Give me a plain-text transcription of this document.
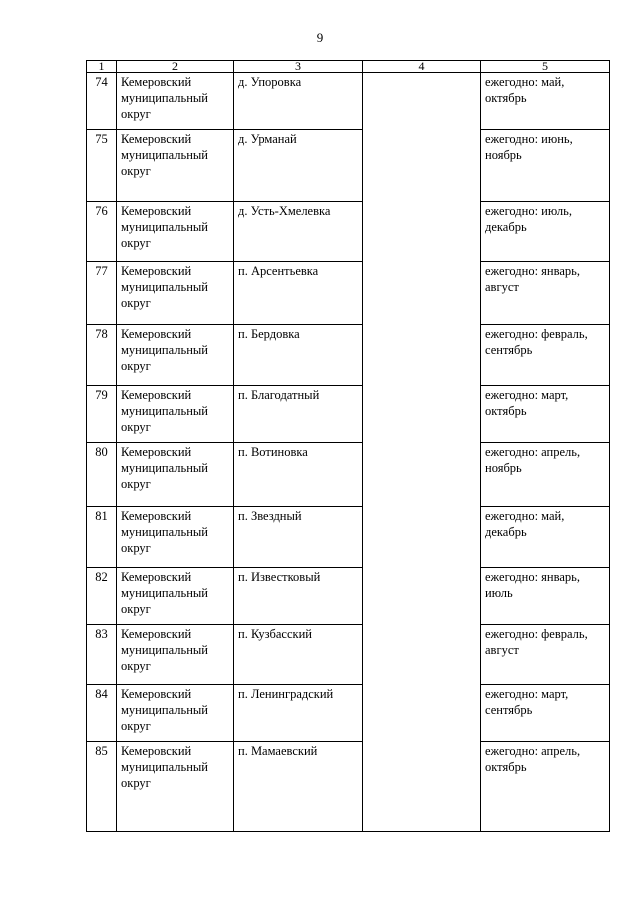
9
1	2	3	4	5
74	Кемеровский муниципальный округ	д. Упоровка		ежегодно: май, октябрь
75	Кемеровский муниципальный округ	д. Урманай		ежегодно: июнь, ноябрь
76	Кемеровский муниципальный округ	д. Усть-Хмелевка		ежегодно: июль, декабрь
77	Кемеровский муниципальный округ	п. Арсентьевка		ежегодно: январь, август
78	Кемеровский муниципальный округ	п. Бердовка		ежегодно: февраль, сентябрь
79	Кемеровский муниципальный округ	п. Благодатный		ежегодно: март, октябрь
80	Кемеровский муниципальный округ	п. Вотиновка		ежегодно: апрель, ноябрь
81	Кемеровский муниципальный округ	п. Звездный		ежегодно: май, декабрь
82	Кемеровский муниципальный округ	п. Известковый		ежегодно: январь, июль
83	Кемеровский муниципальный округ	п. Кузбасский		ежегодно: февраль, август
84	Кемеровский муниципальный округ	п. Ленинградский		ежегодно: март, сентябрь
85	Кемеровский муниципальный округ	п. Мамаевский		ежегодно: апрель, октябрь
